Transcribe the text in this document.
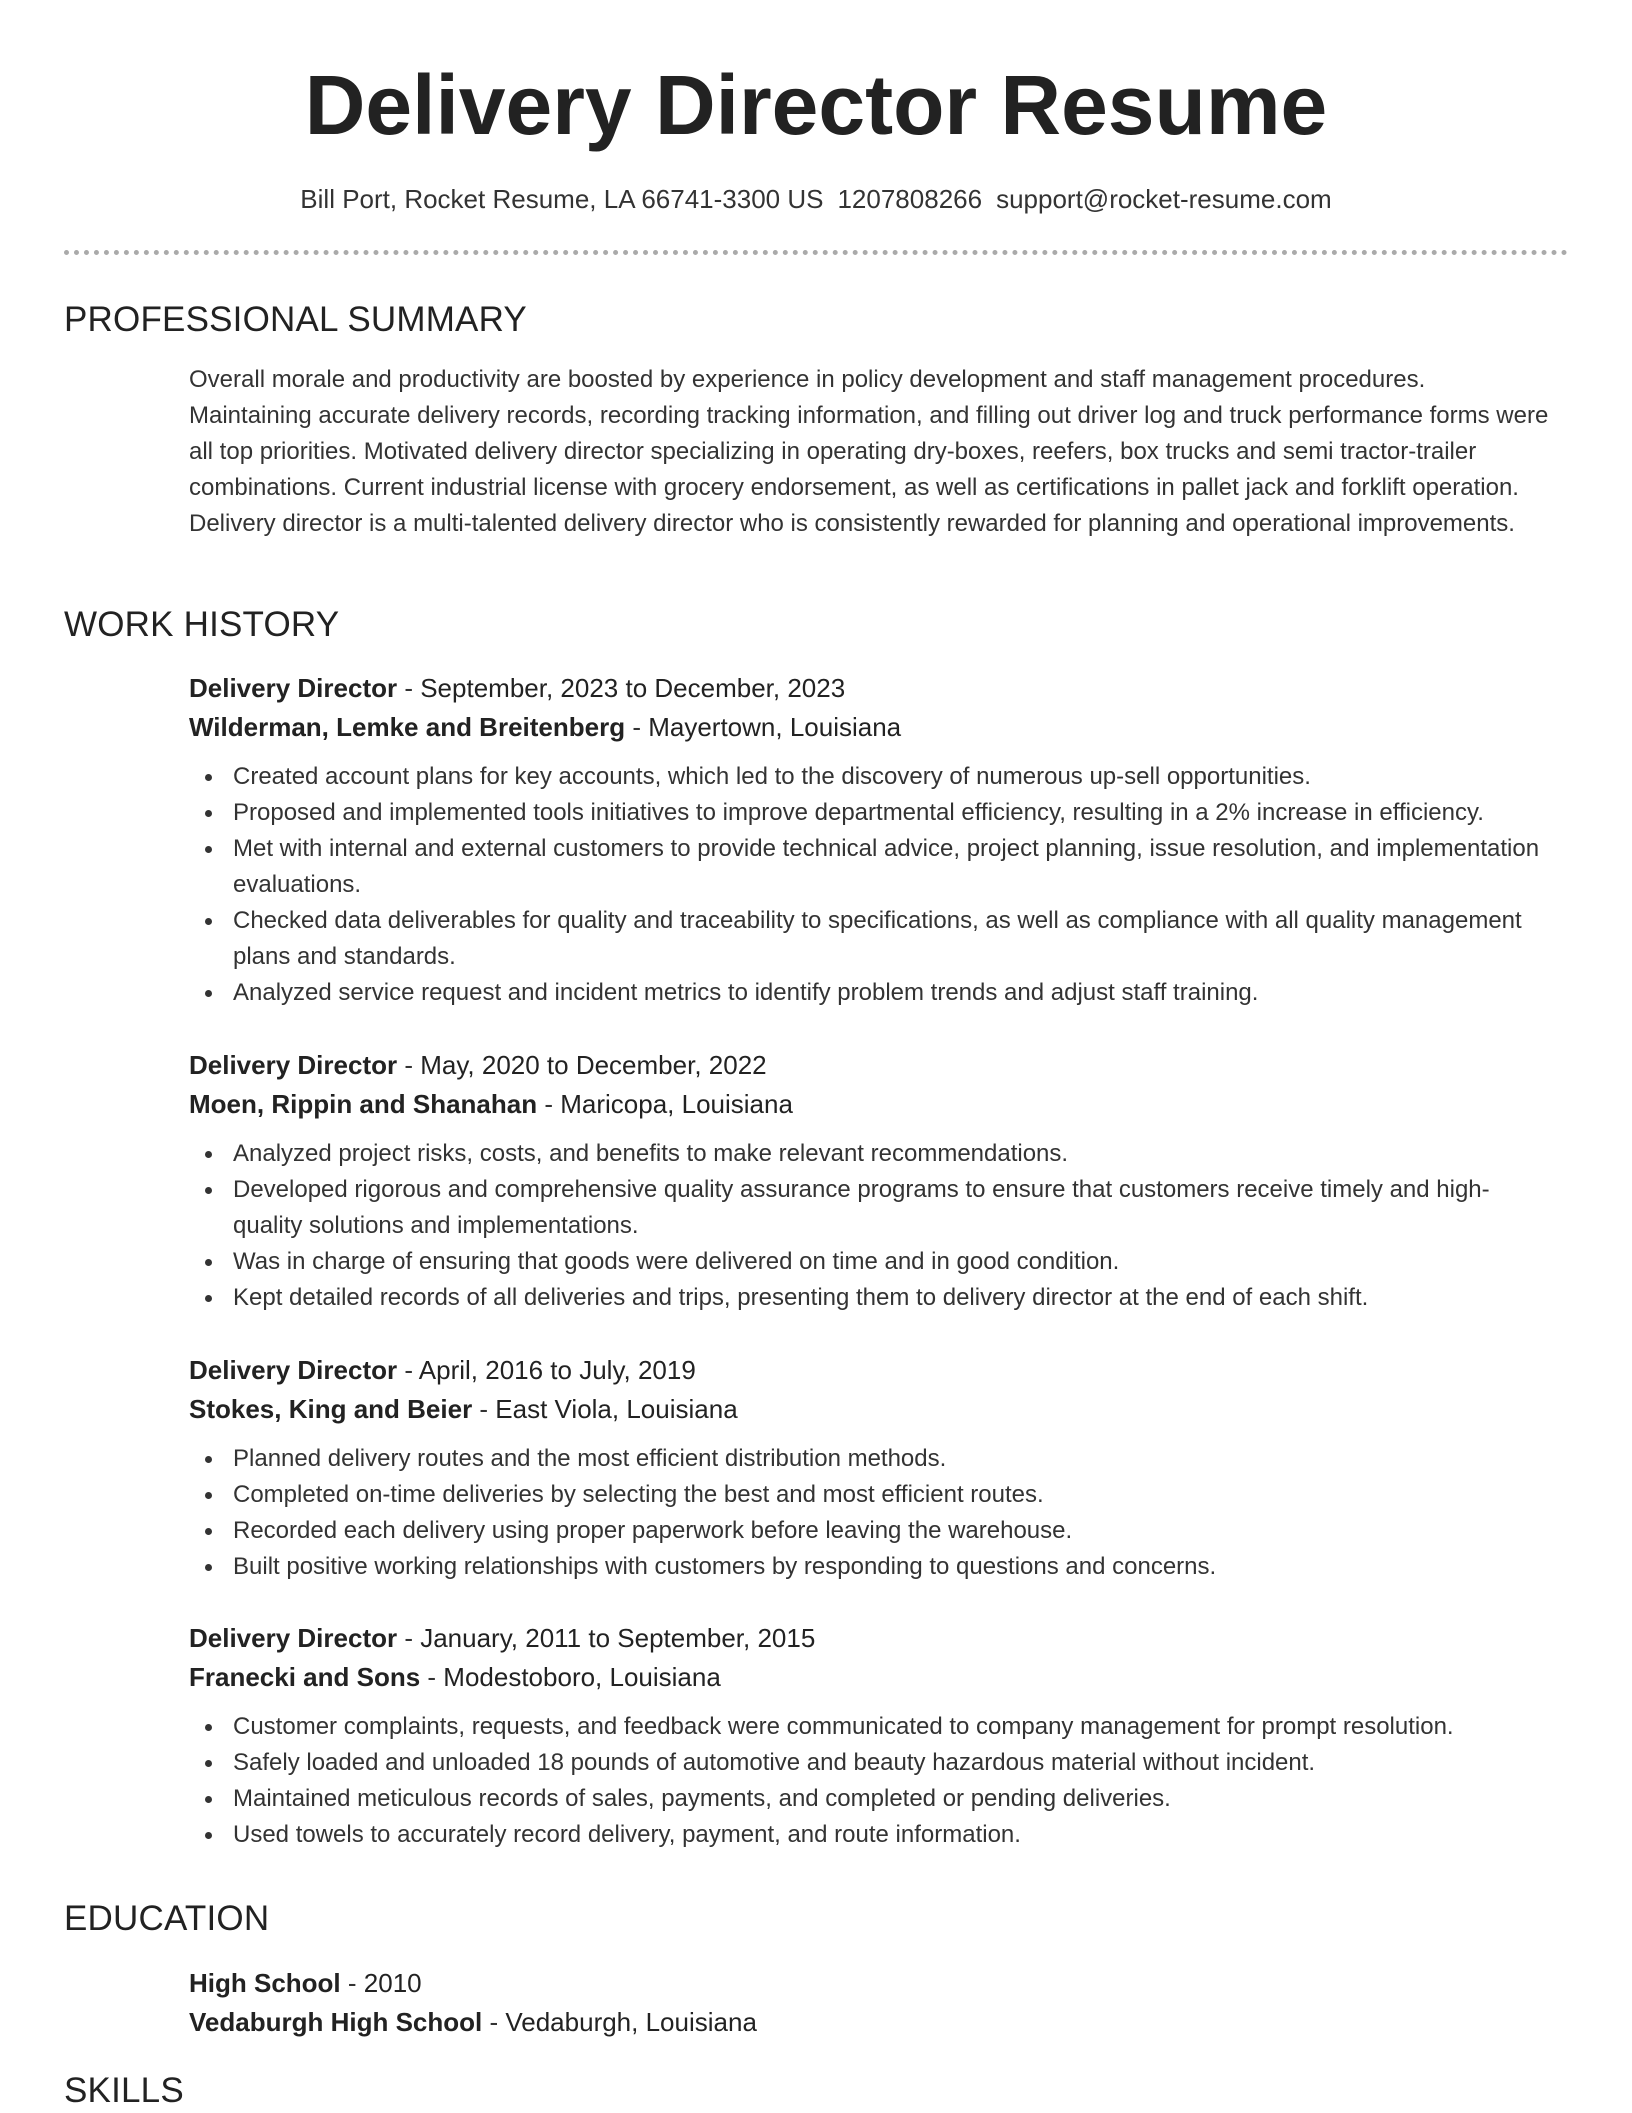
Delivery Director Resume
Bill Port, Rocket Resume, LA 66741-3300 US 1207808266 support@rocket-resume.com
PROFESSIONAL SUMMARY
Overall morale and productivity are boosted by experience in policy development and staff management procedures. Maintaining accurate delivery records, recording tracking information, and filling out driver log and truck performance forms were all top priorities. Motivated delivery director specializing in operating dry-boxes, reefers, box trucks and semi tractor-trailer combinations. Current industrial license with grocery endorsement, as well as certifications in pallet jack and forklift operation. Delivery director is a multi-talented delivery director who is consistently rewarded for planning and operational improvements.
WORK HISTORY
Delivery Director - September, 2023 to December, 2023
Wilderman, Lemke and Breitenberg - Mayertown, Louisiana
Created account plans for key accounts, which led to the discovery of numerous up-sell opportunities.
Proposed and implemented tools initiatives to improve departmental efficiency, resulting in a 2% increase in efficiency.
Met with internal and external customers to provide technical advice, project planning, issue resolution, and implementation evaluations.
Checked data deliverables for quality and traceability to specifications, as well as compliance with all quality management plans and standards.
Analyzed service request and incident metrics to identify problem trends and adjust staff training.
Delivery Director - May, 2020 to December, 2022
Moen, Rippin and Shanahan - Maricopa, Louisiana
Analyzed project risks, costs, and benefits to make relevant recommendations.
Developed rigorous and comprehensive quality assurance programs to ensure that customers receive timely and high-quality solutions and implementations.
Was in charge of ensuring that goods were delivered on time and in good condition.
Kept detailed records of all deliveries and trips, presenting them to delivery director at the end of each shift.
Delivery Director - April, 2016 to July, 2019
Stokes, King and Beier - East Viola, Louisiana
Planned delivery routes and the most efficient distribution methods.
Completed on-time deliveries by selecting the best and most efficient routes.
Recorded each delivery using proper paperwork before leaving the warehouse.
Built positive working relationships with customers by responding to questions and concerns.
Delivery Director - January, 2011 to September, 2015
Franecki and Sons - Modestoboro, Louisiana
Customer complaints, requests, and feedback were communicated to company management for prompt resolution.
Safely loaded and unloaded 18 pounds of automotive and beauty hazardous material without incident.
Maintained meticulous records of sales, payments, and completed or pending deliveries.
Used towels to accurately record delivery, payment, and route information.
EDUCATION
High School - 2010
Vedaburgh High School - Vedaburgh, Louisiana
SKILLS
